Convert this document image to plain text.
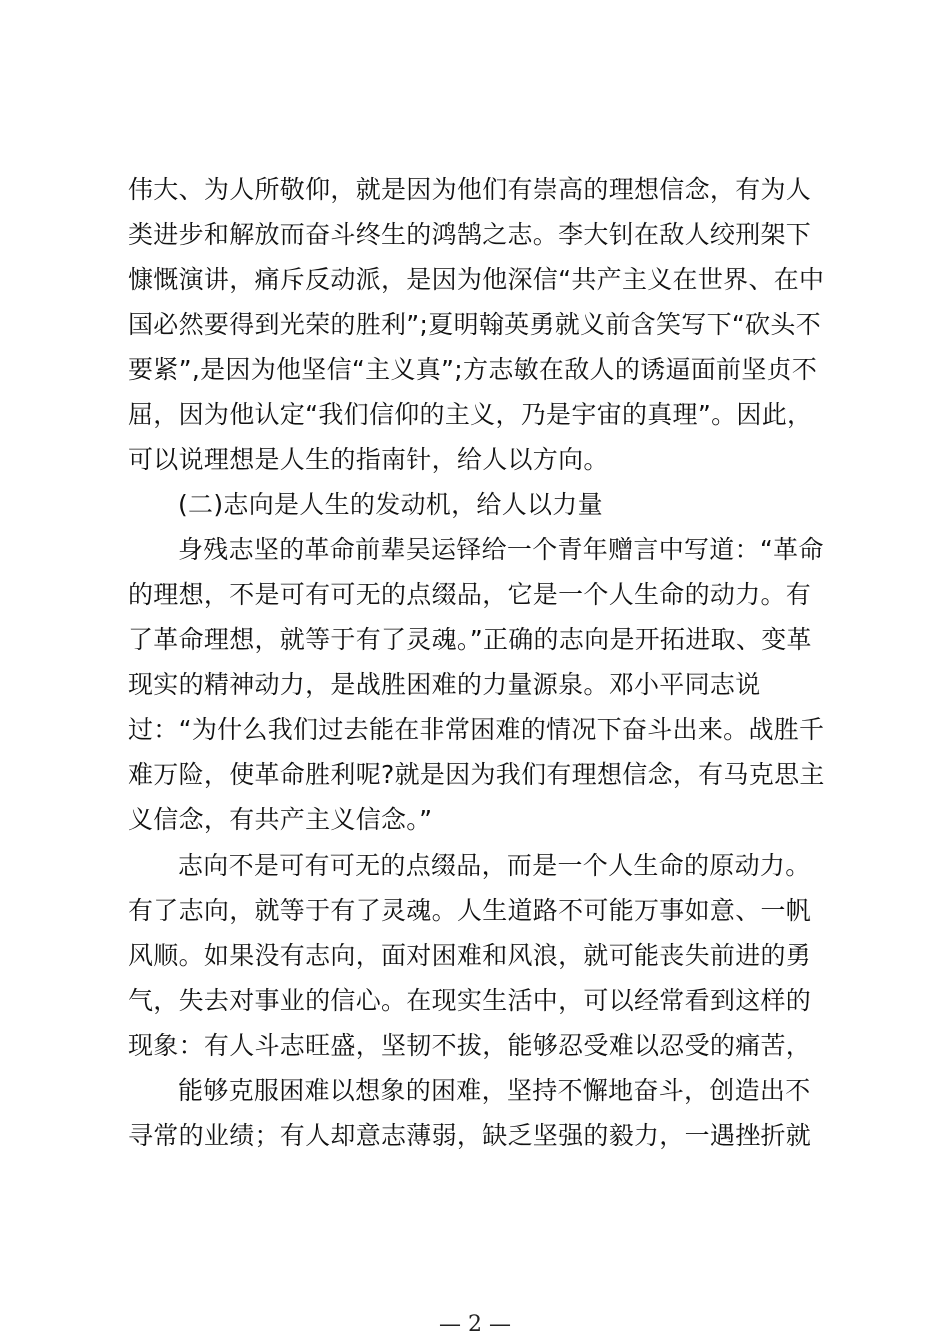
伟大、为人所敬仰，就是因为他们有崇高的理想信念，有为人
类进步和解放而奋斗终生的鸿鹄之志。李大钊在敌人绞刑架下
慷慨演讲，痛斥反动派，是因为他深信“共产主义在世界、在中
国必然要得到光荣的胜利”;夏明翰英勇就义前含笑写下“砍头不
要紧”,是因为他坚信“主义真”;方志敏在敌人的诱逼面前坚贞不
屈，因为他认定“我们信仰的主义，乃是宇宙的真理”。因此，
可以说理想是人生的指南针，给人以方向。
(二)志向是人生的发动机，给人以力量
身残志坚的革命前辈吴运铎给一个青年赠言中写道：“革命
的理想，不是可有可无的点缀品，它是一个人生命的动力。有
了革命理想，就等于有了灵魂。”正确的志向是开拓进取、变革
现实的精神动力，是战胜困难的力量源泉。邓小平同志说
过：“为什么我们过去能在非常困难的情况下奋斗出来。战胜千
难万险，使革命胜利呢?就是因为我们有理想信念，有马克思主
义信念，有共产主义信念。”
志向不是可有可无的点缀品，而是一个人生命的原动力。
有了志向，就等于有了灵魂。人生道路不可能万事如意、一帆
风顺。如果没有志向，面对困难和风浪，就可能丧失前进的勇
气，失去对事业的信心。在现实生活中，可以经常看到这样的
现象：有人斗志旺盛，坚韧不拔，能够忍受难以忍受的痛苦，
能够克服困难以想象的困难，坚持不懈地奋斗，创造出不
寻常的业绩；有人却意志薄弱，缺乏坚强的毅力，一遇挫折就
— 2 —
